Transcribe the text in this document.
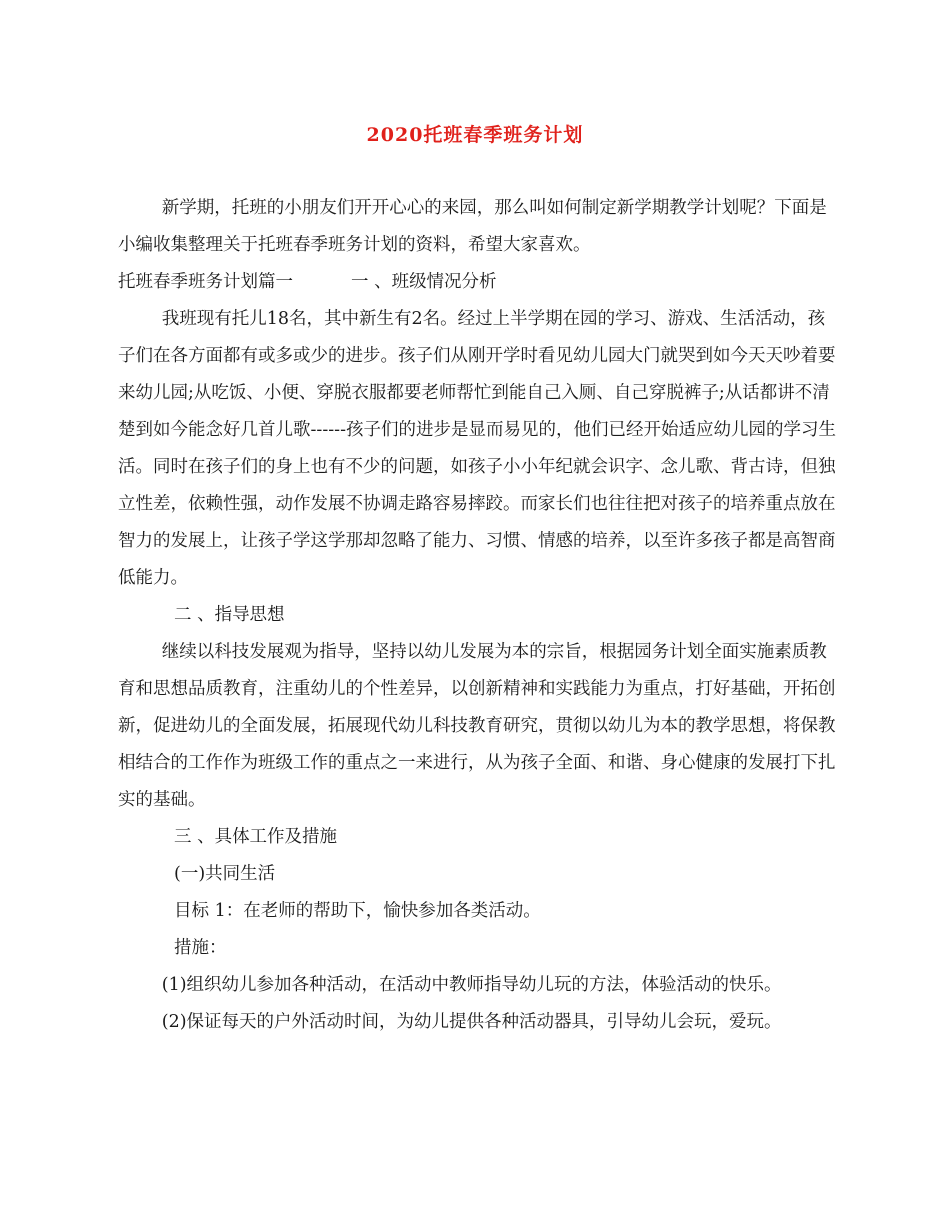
2020托班春季班务计划

新学期，托班的小朋友们开开心心的来园，那么叫如何制定新学期教学计划呢？下面是小编收集整理关于托班春季班务计划的资料，希望大家喜欢。

托班春季班务计划篇一	一 、班级情况分析

我班现有托儿18名，其中新生有2名。经过上半学期在园的学习、游戏、生活活动，孩子们在各方面都有或多或少的进步。孩子们从刚开学时看见幼儿园大门就哭到如今天天吵着要来幼儿园;从吃饭、小便、穿脱衣服都要老师帮忙到能自己入厕、自己穿脱裤子;从话都讲不清楚到如今能念好几首儿歌------孩子们的进步是显而易见的，他们已经开始适应幼儿园的学习生活。同时在孩子们的身上也有不少的问题，如孩子小小年纪就会识字、念儿歌、背古诗，但独立性差，依赖性强，动作发展不协调走路容易摔跤。而家长们也往往把对孩子的培养重点放在智力的发展上，让孩子学这学那却忽略了能力、习惯、情感的培养，以至许多孩子都是高智商低能力。

二 、指导思想

继续以科技发展观为指导，坚持以幼儿发展为本的宗旨，根据园务计划全面实施素质教育和思想品质教育，注重幼儿的个性差异，以创新精神和实践能力为重点，打好基础，开拓创新，促进幼儿的全面发展，拓展现代幼儿科技教育研究，贯彻以幼儿为本的教学思想，将保教相结合的工作作为班级工作的重点之一来进行，从为孩子全面、和谐、身心健康的发展打下扎实的基础。

三 、具体工作及措施

(一)共同生活

目标 1：在老师的帮助下，愉快参加各类活动。

措施：

(1)组织幼儿参加各种活动，在活动中教师指导幼儿玩的方法，体验活动的快乐。

(2)保证每天的户外活动时间，为幼儿提供各种活动器具，引导幼儿会玩，爱玩。
